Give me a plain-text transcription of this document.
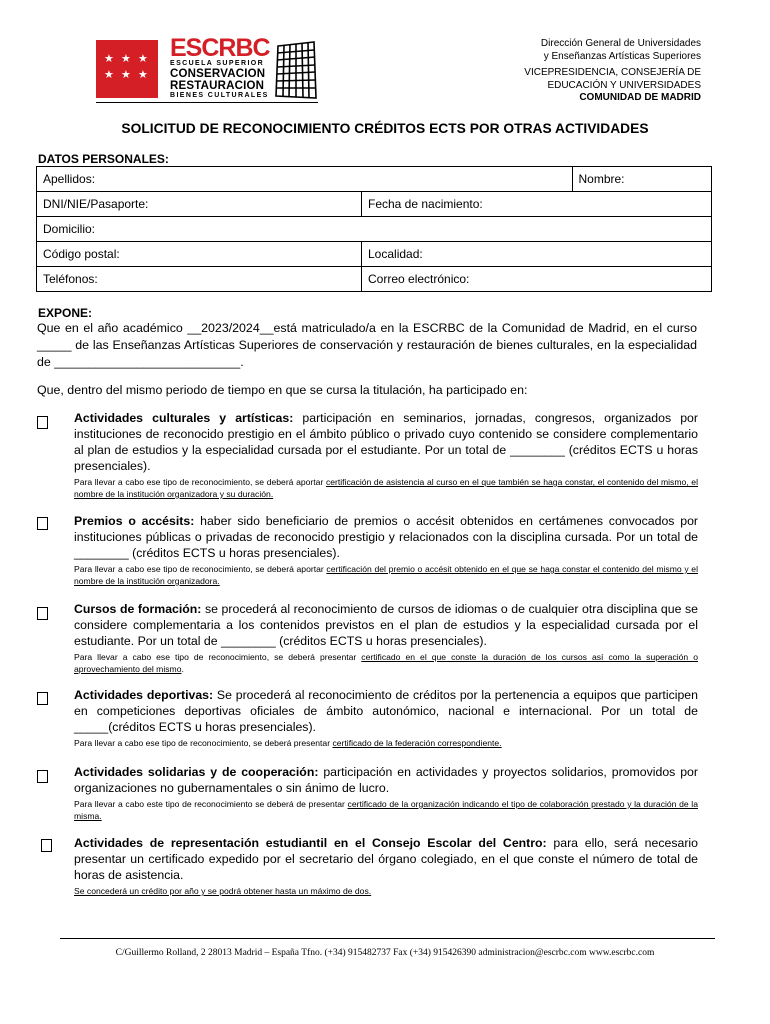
★ ★ ★
★ ★ ★
ESCRBC
ESCUELA SUPERIOR
CONSERVACION
RESTAURACION
BIENES CULTURALES
Dirección General de Universidades
y Enseñanzas Artísticas Superiores
VICEPRESIDENCIA, CONSEJERÍA DE
EDUCACIÓN Y UNIVERSIDADES
COMUNIDAD DE MADRID
SOLICITUD DE RECONOCIMIENTO CRÉDITOS ECTS POR OTRAS ACTIVIDADES
DATOS PERSONALES:
Apellidos:		Nombre:
DNI/NIE/Pasaporte:	Fecha de nacimiento:	
Domicilio:		
Código postal:	Localidad:	
Teléfonos:	Correo electrónico:	
EXPONE:
Que en el año académico __2023/2024__está matriculado/a en la ESCRBC de la Comunidad de Madrid, en el curso _____ de las Enseñanzas Artísticas Superiores de conservación y restauración de bienes culturales, en la especialidad de ___________________________.
Que, dentro del mismo periodo de tiempo en que se cursa la titulación, ha participado en:
Actividades culturales y artísticas: participación en seminarios, jornadas, congresos, organizados por instituciones de reconocido prestigio en el ámbito público o privado cuyo contenido se considere complementario al plan de estudios y la especialidad cursada por el estudiante. Por un total de ________ (créditos ECTS u horas presenciales).
Para llevar a cabo ese tipo de reconocimiento, se deberá aportar certificación de asistencia al curso en el que también se haga constar, el contenido del mismo, el nombre de la institución organizadora y su duración.
Premios o accésits: haber sido beneficiario de premios o accésit obtenidos en certámenes convocados por instituciones públicas o privadas de reconocido prestigio y relacionados con la disciplina cursada. Por un total de ________ (créditos ECTS u horas presenciales).
Para llevar a cabo ese tipo de reconocimiento, se deberá aportar certificación del premio o accésit obtenido en el que se haga constar el contenido del mismo y el nombre de la institución organizadora.
Cursos de formación: se procederá al reconocimiento de cursos de idiomas o de cualquier otra disciplina que se considere complementaria a los contenidos previstos en el plan de estudios y la especialidad cursada por el estudiante. Por un total de ________ (créditos ECTS u horas presenciales).
Para llevar a cabo ese tipo de reconocimiento, se deberá presentar certificado en el que conste la duración de los cursos así como la superación o aprovechamiento del mismo.
Actividades deportivas: Se procederá al reconocimiento de créditos por la pertenencia a equipos que participen en competiciones deportivas oficiales de ámbito autonómico, nacional e internacional. Por un total de _____(créditos ECTS u horas presenciales).
Para llevar a cabo ese tipo de reconocimiento, se deberá presentar certificado de la federación correspondiente.
Actividades solidarias y de cooperación: participación en actividades y proyectos solidarios, promovidos por organizaciones no gubernamentales o sin ánimo de lucro.
Para llevar a cabo este tipo de reconocimiento se deberá de presentar certificado de la organización indicando el tipo de colaboración prestado y la duración de la misma.
Actividades de representación estudiantil en el Consejo Escolar del Centro: para ello, será necesario presentar un certificado expedido por el secretario del órgano colegiado, en el que conste el número de total de horas de asistencia.
Se concederá un crédito por año y se podrá obtener hasta un máximo de dos.
C/Guillermo Rolland, 2 28013 Madrid – España Tfno. (+34) 915482737 Fax (+34) 915426390 administracion@escrbc.com www.escrbc.com
